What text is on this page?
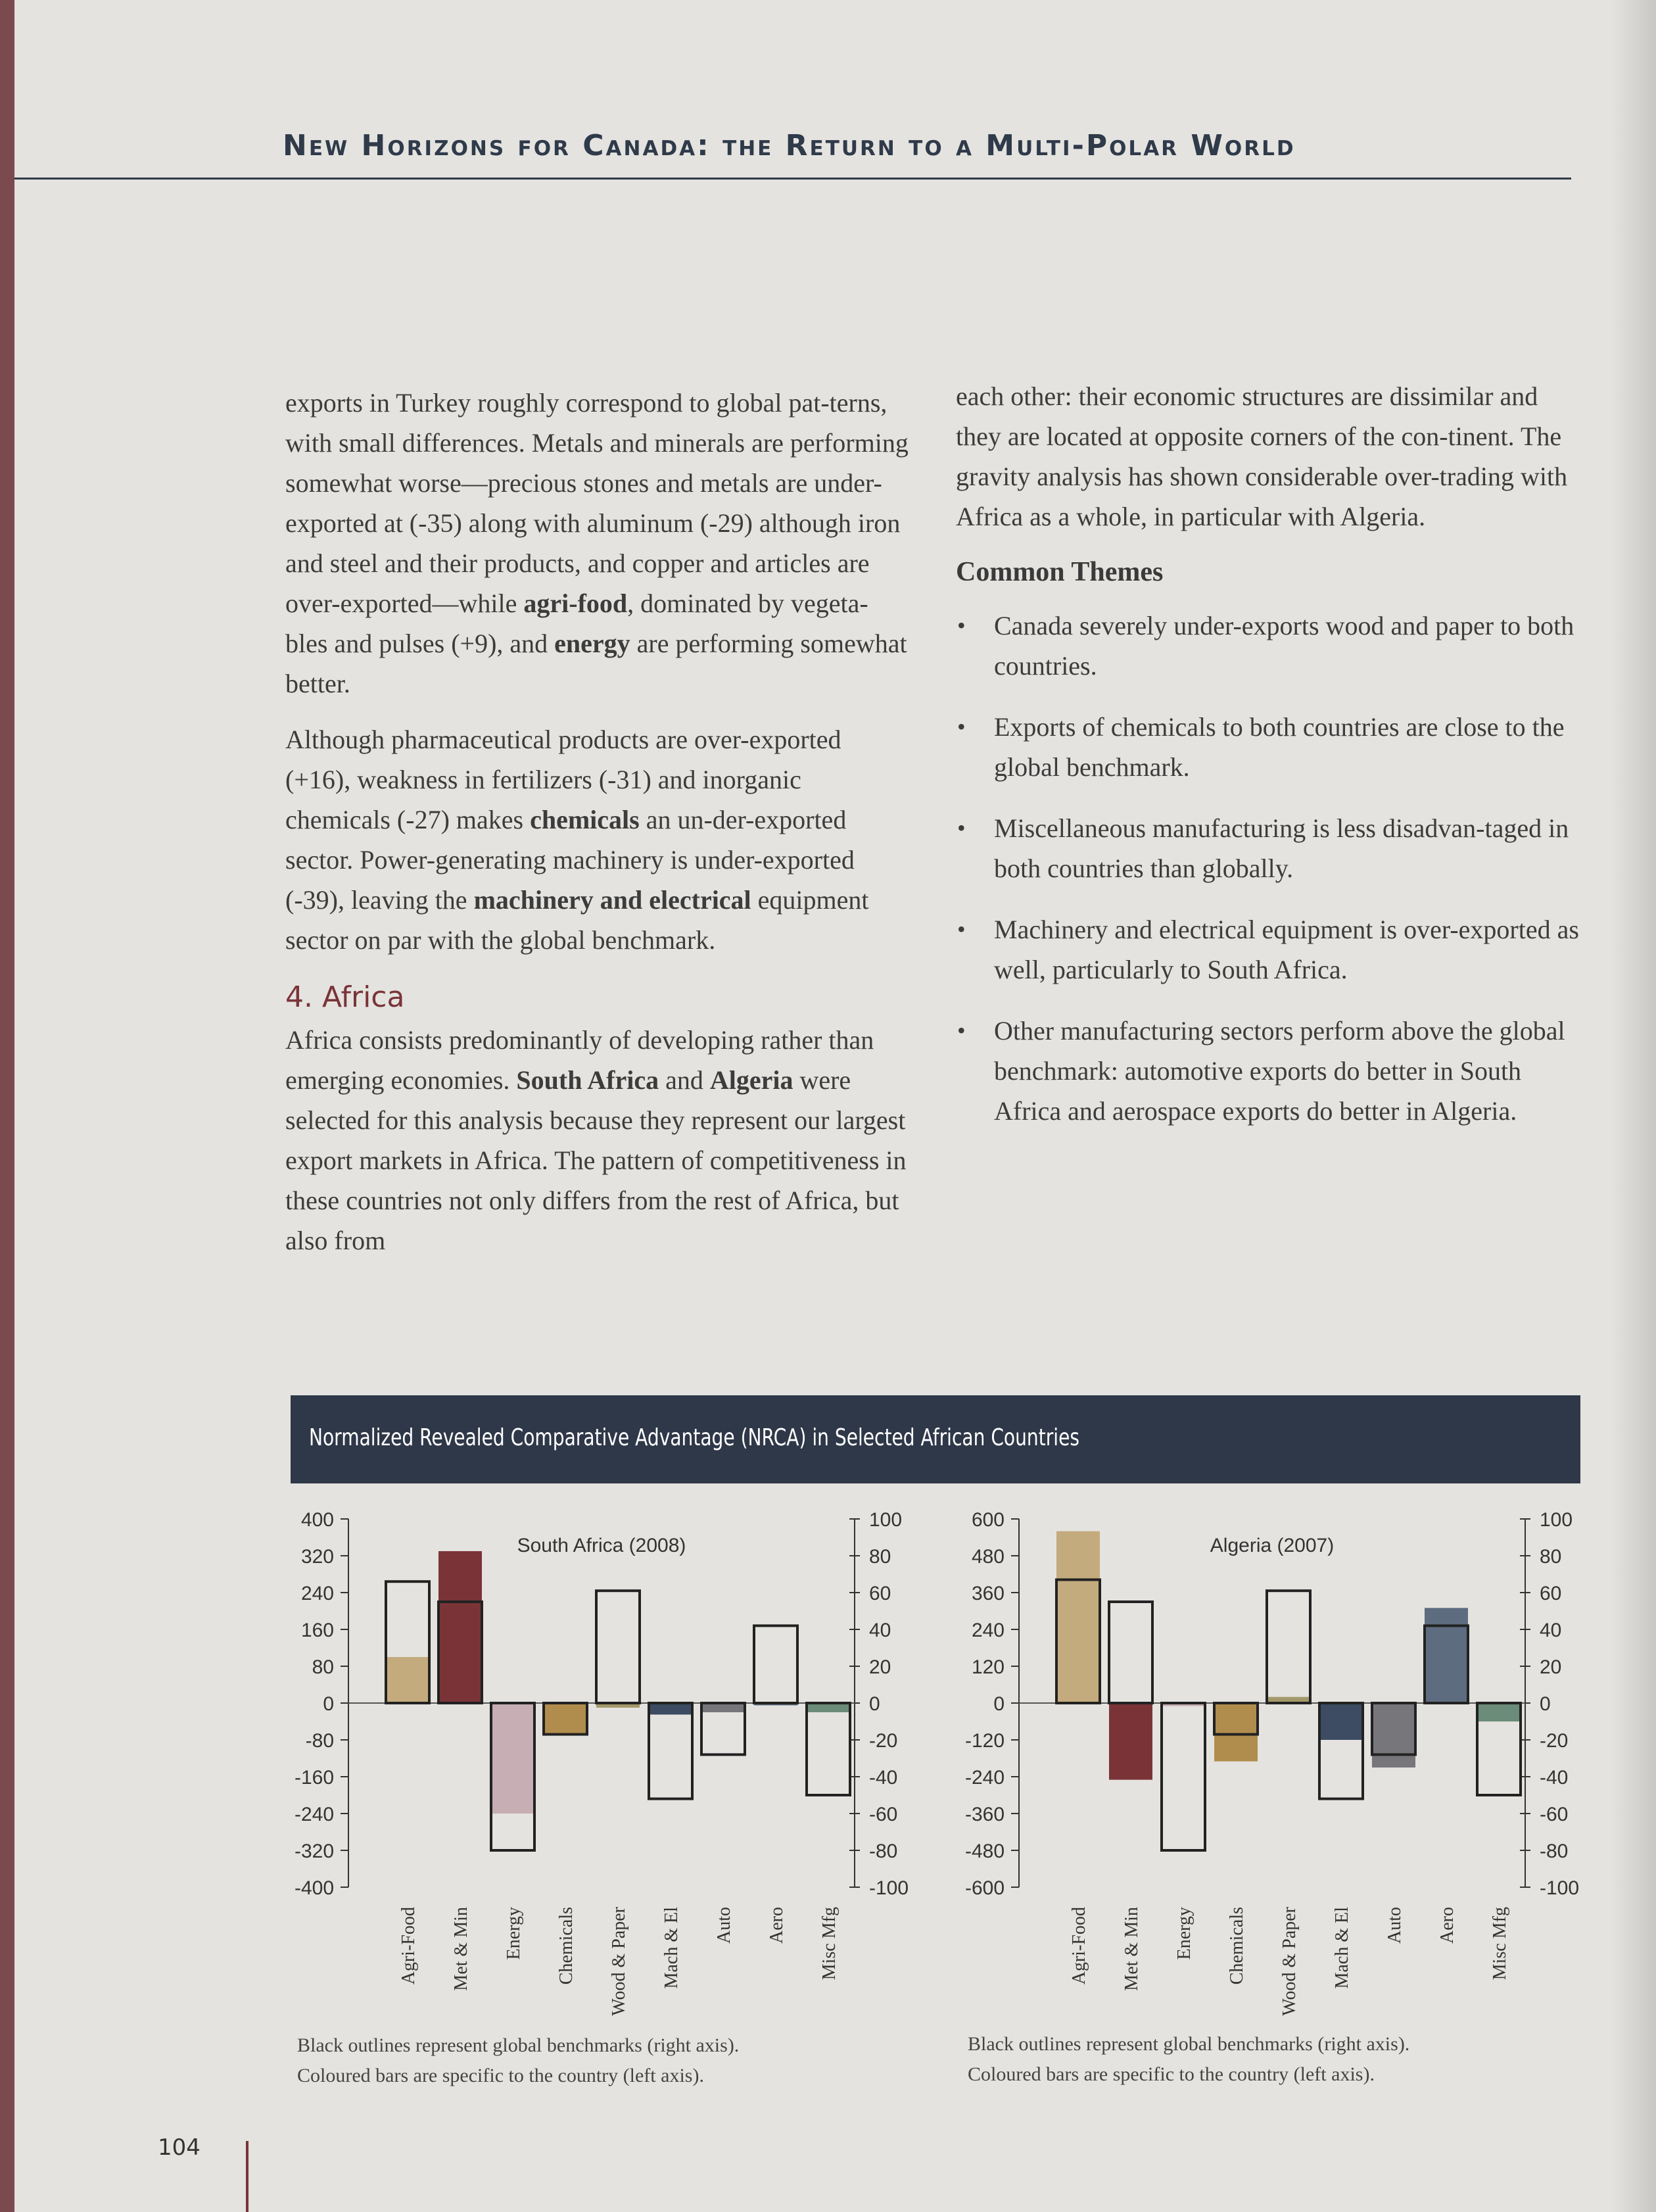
New Horizons for Canada: the Return to a Multi-Polar World

exports in Turkey roughly correspond to global pat-terns, with small differences. Metals and minerals are performing somewhat worse—precious stones and metals are under-exported at (-35) along with aluminum (-29) although iron and steel and their products, and copper and articles are over-exported—while agri-food, dominated by vegeta-bles and pulses (+9), and energy are performing somewhat better.

Although pharmaceutical products are over-exported (+16), weakness in fertilizers (-31) and inorganic chemicals (-27) makes chemicals an un-der-exported sector. Power-generating machinery is under-exported (-39), leaving the machinery and electrical equipment sector on par with the global benchmark.

4. Africa

Africa consists predominantly of developing rather than emerging economies. South Africa and Algeria were selected for this analysis because they represent our largest export markets in Africa. The pattern of competitiveness in these countries not only differs from the rest of Africa, but also from

each other: their economic structures are dissimilar and they are located at opposite corners of the con-tinent. The gravity analysis has shown considerable over-trading with Africa as a whole, in particular with Algeria.

Common Themes
• Canada severely under-exports wood and paper to both countries.
• Exports of chemicals to both countries are close to the global benchmark.
• Miscellaneous manufacturing is less disadvan-taged in both countries than globally.
• Machinery and electrical equipment is over-exported as well, particularly to South Africa.
• Other manufacturing sectors perform above the global benchmark: automotive exports do better in South Africa and aerospace exports do better in Algeria.
Normalized Revealed Comparative Advantage (NRCA) in Selected African Countries
400
320
240
160
80
0
-80
-160
-240
-320
-400
100
80
60
40
20
0
-20
-40
-60
-80
-100
South Africa (2008)
Agri-Food Met & Min Energy Chemicals Wood & Paper Mach & El Auto Aero Misc Mfg
600
480
360
240
120
0
-120
-240
-360
-480
-600
100
80
60
40
20
0
-20
-40
-60
-80
-100
Algeria (2007)
Agri-Food Met & Min Energy Chemicals Wood & Paper Mach & El Auto Aero Misc Mfg
Black outlines represent global benchmarks (right axis).
Coloured bars are specific to the country (left axis).
Black outlines represent global benchmarks (right axis).
Coloured bars are specific to the country (left axis).
104
